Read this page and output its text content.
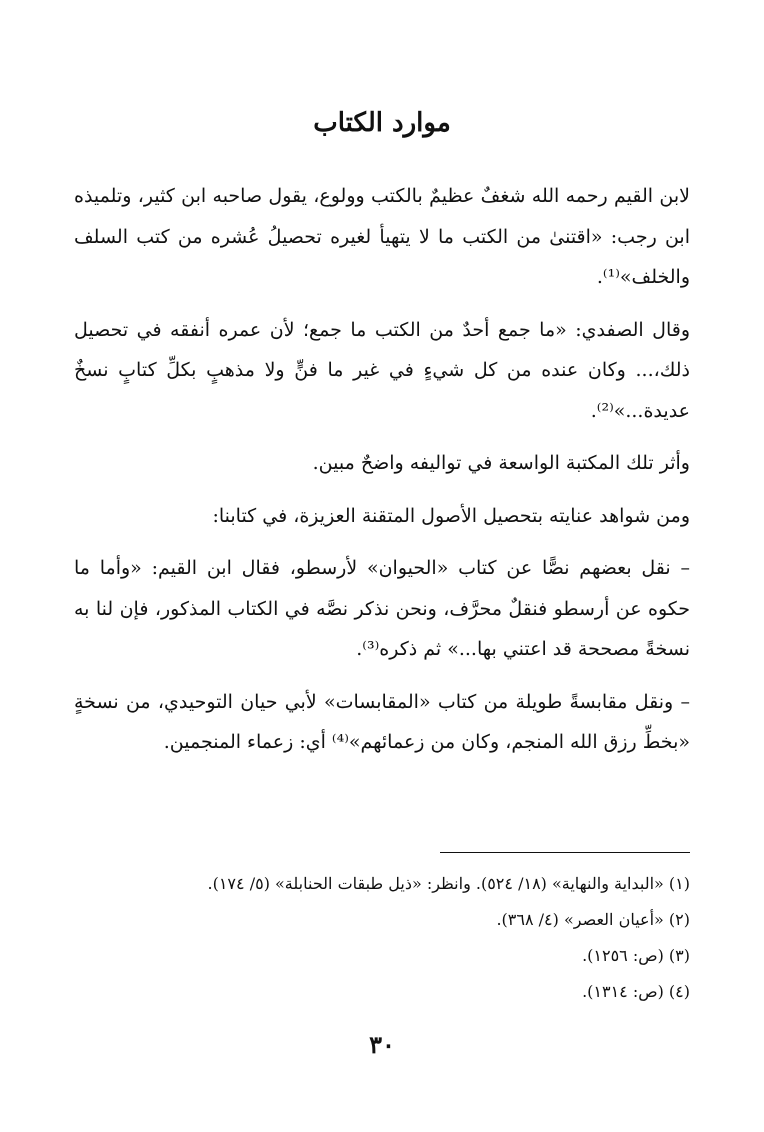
موارد الكتاب

لابن القيم رحمه الله شغفٌ عظيمٌ بالكتب وولوع، يقول صاحبه ابن كثير، وتلميذه ابن رجب: «اقتنىٰ من الكتب ما لا يتهيأ لغيره تحصيلُ عُشره من كتب السلف والخلف»⁽¹⁾.

وقال الصفدي: «ما جمع أحدٌ من الكتب ما جمع؛ لأن عمره أنفقه في تحصيل ذلك،... وكان عنده من كل شيءٍ في غير ما فنٍّ ولا مذهبٍ بكلِّ كتابٍ نسخٌ عديدة...»⁽²⁾.

وأثر تلك المكتبة الواسعة في تواليفه واضحٌ مبين.

ومن شواهد عنايته بتحصيل الأصول المتقنة العزيزة، في كتابنا:

– نقل بعضهم نصًّا عن كتاب «الحيوان» لأرسطو، فقال ابن القيم: «وأما ما حكوه عن أرسطو فنقلٌ محرَّف، ونحن نذكر نصَّه في الكتاب المذكور، فإن لنا به نسخةً مصححة قد اعتني بها...» ثم ذكره⁽³⁾.

– ونقل مقابسةً طويلة من كتاب «المقابسات» لأبي حيان التوحيدي، من نسخةٍ «بخطِّ رزق الله المنجم، وكان من زعمائهم»⁽⁴⁾ أي: زعماء المنجمين.

(١) «البداية والنهاية» (١٨/ ٥٢٤). وانظر: «ذيل طبقات الحنابلة» (٥/ ١٧٤).

(٢) «أعيان العصر» (٤/ ٣٦٨).

(٣) (ص: ١٢٥٦).

(٤) (ص: ١٣١٤).

٣٠
